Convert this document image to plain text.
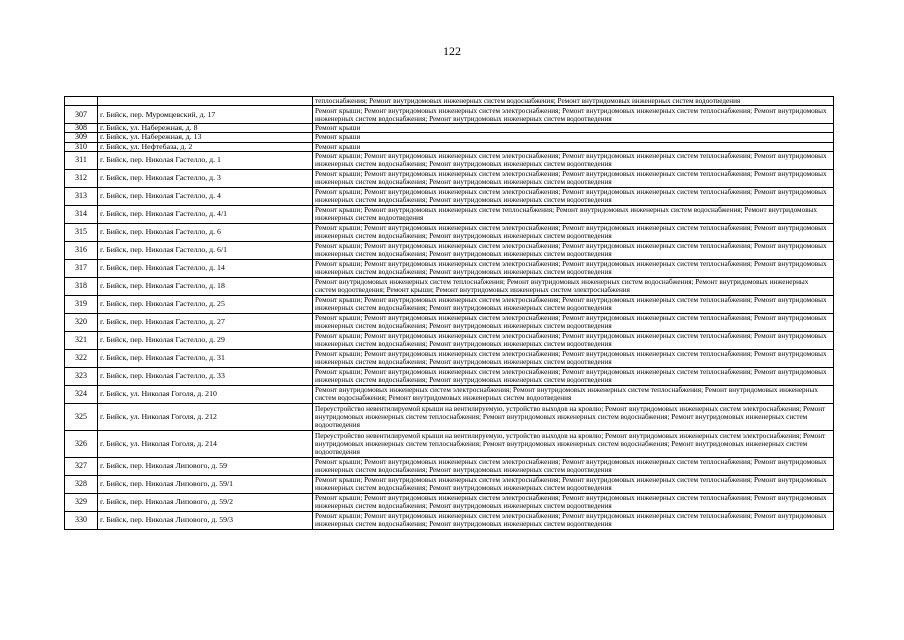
122
		теплоснабжения; Ремонт внутридомовых инженерных систем водоснабжения; Ремонт внутридомовых инженерных систем водоотведения
307	г. Бийск, пер. Муромцевский, д. 17	Ремонт крыши; Ремонт внутридомовых инженерных систем электроснабжения; Ремонт внутридомовых инженерных систем теплоснабжения; Ремонт внутридомовых инженерных систем водоснабжения; Ремонт внутридомовых инженерных систем водоотведения
308	г. Бийск, ул. Набережная, д. 8	Ремонт крыши
309	г. Бийск, ул. Набережная, д. 13	Ремонт крыши
310	г. Бийск, ул. Нефтебаза, д. 2	Ремонт крыши
311	г. Бийск, пер. Николая Гастелло, д. 1	Ремонт крыши; Ремонт внутридомовых инженерных систем электроснабжения; Ремонт внутридомовых инженерных систем теплоснабжения; Ремонт внутридомовых инженерных систем водоснабжения; Ремонт внутридомовых инженерных систем водоотведения
312	г. Бийск, пер. Николая Гастелло, д. 3	Ремонт крыши; Ремонт внутридомовых инженерных систем электроснабжения; Ремонт внутридомовых инженерных систем теплоснабжения; Ремонт внутридомовых инженерных систем водоснабжения; Ремонт внутридомовых инженерных систем водоотведения
313	г. Бийск, пер. Николая Гастелло, д. 4	Ремонт крыши; Ремонт внутридомовых инженерных систем электроснабжения; Ремонт внутридомовых инженерных систем теплоснабжения; Ремонт внутридомовых инженерных систем водоснабжения; Ремонт внутридомовых инженерных систем водоотведения
314	г. Бийск, пер. Николая Гастелло, д. 4/1	Ремонт крыши; Ремонт внутридомовых инженерных систем теплоснабжения; Ремонт внутридомовых инженерных систем водоснабжения; Ремонт внутридомовых инженерных систем водоотведения
315	г. Бийск, пер. Николая Гастелло, д. 6	Ремонт крыши; Ремонт внутридомовых инженерных систем электроснабжения; Ремонт внутридомовых инженерных систем теплоснабжения; Ремонт внутридомовых инженерных систем водоснабжения; Ремонт внутридомовых инженерных систем водоотведения
316	г. Бийск, пер. Николая Гастелло, д. 6/1	Ремонт крыши; Ремонт внутридомовых инженерных систем электроснабжения; Ремонт внутридомовых инженерных систем теплоснабжения; Ремонт внутридомовых инженерных систем водоснабжения; Ремонт внутридомовых инженерных систем водоотведения
317	г. Бийск, пер. Николая Гастелло, д. 14	Ремонт крыши; Ремонт внутридомовых инженерных систем электроснабжения; Ремонт внутридомовых инженерных систем теплоснабжения; Ремонт внутридомовых инженерных систем водоснабжения; Ремонт внутридомовых инженерных систем водоотведения
318	г. Бийск, пер. Николая Гастелло, д. 18	Ремонт внутридомовых инженерных систем теплоснабжения; Ремонт внутридомовых инженерных систем водоснабжения; Ремонт внутридомовых инженерных систем водоотведения; Ремонт крыши; Ремонт внутридомовых инженерных систем электроснабжения
319	г. Бийск, пер. Николая Гастелло, д. 25	Ремонт крыши; Ремонт внутридомовых инженерных систем электроснабжения; Ремонт внутридомовых инженерных систем теплоснабжения; Ремонт внутридомовых инженерных систем водоснабжения; Ремонт внутридомовых инженерных систем водоотведения
320	г. Бийск, пер. Николая Гастелло, д. 27	Ремонт крыши; Ремонт внутридомовых инженерных систем электроснабжения; Ремонт внутридомовых инженерных систем теплоснабжения; Ремонт внутридомовых инженерных систем водоснабжения; Ремонт внутридомовых инженерных систем водоотведения
321	г. Бийск, пер. Николая Гастелло, д. 29	Ремонт крыши; Ремонт внутридомовых инженерных систем электроснабжения; Ремонт внутридомовых инженерных систем теплоснабжения; Ремонт внутридомовых инженерных систем водоснабжения; Ремонт внутридомовых инженерных систем водоотведения
322	г. Бийск, пер. Николая Гастелло, д. 31	Ремонт крыши; Ремонт внутридомовых инженерных систем электроснабжения; Ремонт внутридомовых инженерных систем теплоснабжения; Ремонт внутридомовых инженерных систем водоснабжения; Ремонт внутридомовых инженерных систем водоотведения
323	г. Бийск, пер. Николая Гастелло, д. 33	Ремонт крыши; Ремонт внутридомовых инженерных систем электроснабжения; Ремонт внутридомовых инженерных систем теплоснабжения; Ремонт внутридомовых инженерных систем водоснабжения; Ремонт внутридомовых инженерных систем водоотведения
324	г. Бийск, ул. Николая Гоголя, д. 210	Ремонт внутридомовых инженерных систем электроснабжения; Ремонт внутридомовых инженерных систем теплоснабжения; Ремонт внутридомовых инженерных систем водоснабжения; Ремонт внутридомовых инженерных систем водоотведения
325	г. Бийск, ул. Николая Гоголя, д. 212	Переустройство невентилируемой крыши на вентилируемую, устройство выходов на кровлю; Ремонт внутридомовых инженерных систем электроснабжения; Ремонт внутридомовых инженерных систем теплоснабжения; Ремонт внутридомовых инженерных систем водоснабжения; Ремонт внутридомовых инженерных систем водоотведения
326	г. Бийск, ул. Николая Гоголя, д. 214	Переустройство невентилируемой крыши на вентилируемую, устройство выходов на кровлю; Ремонт внутридомовых инженерных систем электроснабжения; Ремонт внутридомовых инженерных систем теплоснабжения; Ремонт внутридомовых инженерных систем водоснабжения; Ремонт внутридомовых инженерных систем водоотведения
327	г. Бийск, пер. Николая Липового, д. 59	Ремонт крыши; Ремонт внутридомовых инженерных систем электроснабжения; Ремонт внутридомовых инженерных систем теплоснабжения; Ремонт внутридомовых инженерных систем водоснабжения; Ремонт внутридомовых инженерных систем водоотведения
328	г. Бийск, пер. Николая Липового, д. 59/1	Ремонт крыши; Ремонт внутридомовых инженерных систем электроснабжения; Ремонт внутридомовых инженерных систем теплоснабжения; Ремонт внутридомовых инженерных систем водоснабжения; Ремонт внутридомовых инженерных систем водоотведения
329	г. Бийск, пер. Николая Липового, д. 59/2	Ремонт крыши; Ремонт внутридомовых инженерных систем электроснабжения; Ремонт внутридомовых инженерных систем теплоснабжения; Ремонт внутридомовых инженерных систем водоснабжения; Ремонт внутридомовых инженерных систем водоотведения
330	г. Бийск, пер. Николая Липового, д. 59/3	Ремонт крыши; Ремонт внутридомовых инженерных систем электроснабжения; Ремонт внутридомовых инженерных систем теплоснабжения; Ремонт внутридомовых инженерных систем водоснабжения; Ремонт внутридомовых инженерных систем водоотведения
